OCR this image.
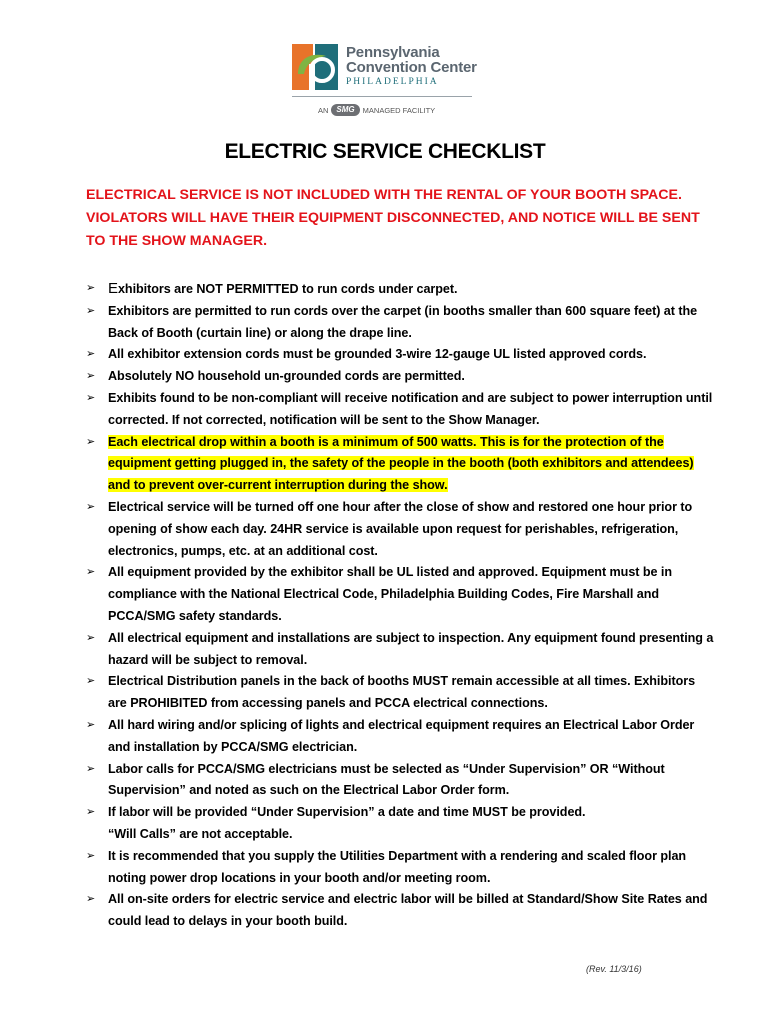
Pennsylvania
Convention Center
PHILADELPHIA
AN	SMG	MANAGED FACILITY
ELECTRIC SERVICE CHECKLIST
ELECTRICAL SERVICE IS NOT INCLUDED WITH THE RENTAL OF YOUR BOOTH SPACE. VIOLATORS WILL HAVE THEIR EQUIPMENT DISCONNECTED, AND NOTICE WILL BE SENT TO THE SHOW MANAGER.
➢ Exhibitors are NOT PERMITTED to run cords under carpet.
➢ Exhibitors are permitted to run cords over the carpet (in booths smaller than 600 square feet) at the Back of Booth (curtain line) or along the drape line.
➢ All exhibitor extension cords must be grounded 3-wire 12-gauge UL listed approved cords.
➢ Absolutely NO household un-grounded cords are permitted.
➢ Exhibits found to be non-compliant will receive notification and are subject to power interruption until corrected. If not corrected, notification will be sent to the Show Manager.
➢ Each electrical drop within a booth is a minimum of 500 watts. This is for the protection of the equipment getting plugged in, the safety of the people in the booth (both exhibitors and attendees) and to prevent over-current interruption during the show.
➢ Electrical service will be turned off one hour after the close of show and restored one hour prior to opening of show each day. 24HR service is available upon request for perishables, refrigeration, electronics, pumps, etc. at an additional cost.
➢ All equipment provided by the exhibitor shall be UL listed and approved. Equipment must be in compliance with the National Electrical Code, Philadelphia Building Codes, Fire Marshall and PCCA/SMG safety standards.
➢ All electrical equipment and installations are subject to inspection. Any equipment found presenting a hazard will be subject to removal.
➢ Electrical Distribution panels in the back of booths MUST remain accessible at all times. Exhibitors are PROHIBITED from accessing panels and PCCA electrical connections.
➢ All hard wiring and/or splicing of lights and electrical equipment requires an Electrical Labor Order and installation by PCCA/SMG electrician.
➢ Labor calls for PCCA/SMG electricians must be selected as “Under Supervision” OR “Without Supervision” and noted as such on the Electrical Labor Order form.
➢ If labor will be provided “Under Supervision” a date and time MUST be provided.
“Will Calls” are not acceptable.
➢ It is recommended that you supply the Utilities Department with a rendering and scaled floor plan noting power drop locations in your booth and/or meeting room.
➢ All on-site orders for electric service and electric labor will be billed at Standard/Show Site Rates and could lead to delays in your booth build.
(Rev. 11/3/16)
